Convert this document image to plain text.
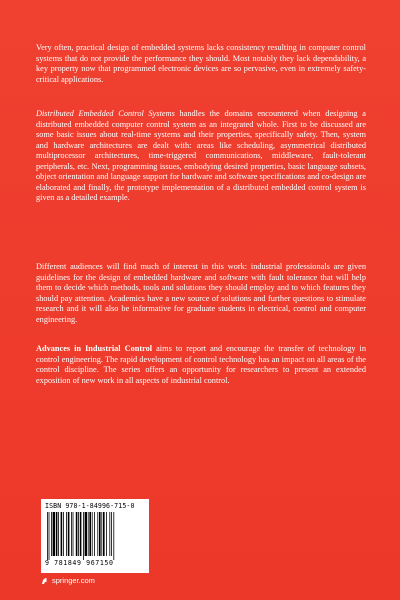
Very often, practical design of embedded systems lacks consistency resulting in computer control systems that do not provide the performance they should. Most notably they lack dependability, a key property now that programmed electronic devices are so pervasive, even in extremely safety-critical applications.

Distributed Embedded Control Systems handles the domains encountered when designing a distributed embedded computer control system as an integrated whole. First to be discussed are some basic issues about real-time systems and their properties, specifically safety. Then, system and hardware architectures are dealt with: areas like scheduling, asymmetrical distributed multiprocessor architectures, time-triggered communications, middleware, fault-tolerant peripherals, etc. Next, programming issues, embodying desired properties, basic language subsets, object orientation and language support for hardware and software specifications and co-design are elaborated and finally, the prototype implementation of a distributed embedded control system is given as a detailed example.

Different audiences will find much of interest in this work: industrial professionals are given guidelines for the design of embedded hardware and software with fault tolerance that will help them to decide which methods, tools and solutions they should employ and to which features they should pay attention. Academics have a new source of solutions and further questions to stimulate research and it will also be informative for graduate students in electrical, control and computer engineering.

Advances in Industrial Control aims to report and encourage the transfer of technology in control engineering. The rapid development of control technology has an impact on all areas of the control discipline. The series offers an opportunity for researchers to present an extended exposition of new work in all aspects of industrial control.

ISBN 978-1-84996-715-0
9 781849 967150
springer.com
